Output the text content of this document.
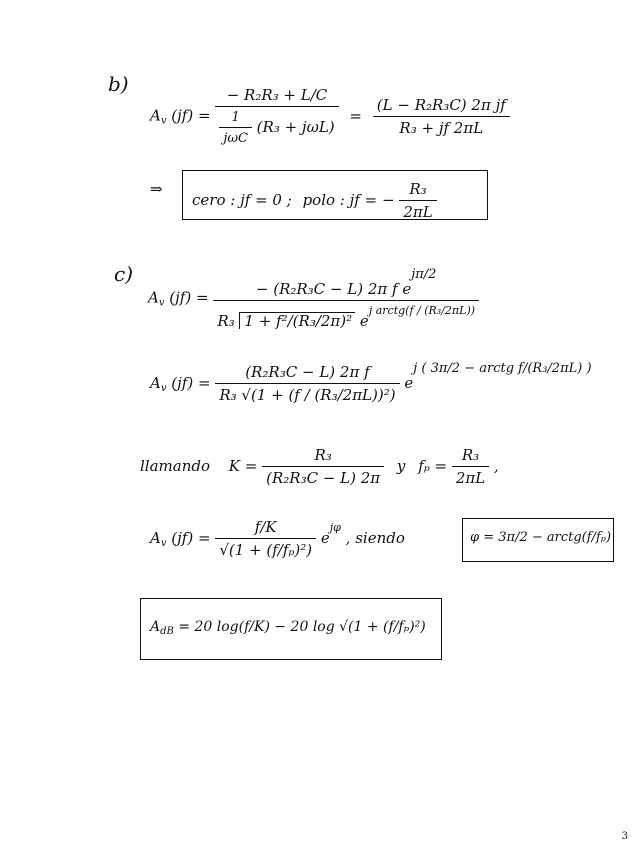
b)
$A_v$ $(jf) = \frac{\text{− R₂R₃ + L/C}}{\frac{1}{\text{jωC}} (R_3 + j\omega L)} = \frac{\text{(L − R₂R₃C) 2π jf}}{\text{R₃ + jf 2πL}}$
⇒
cero : jf = 0 ; polo : jf = − $\frac{\text{R₃}}{2\pi L}$
c)
$A_v$ $(jf) = \frac{\text{− (R₂R₃C − L) 2π f ejπ/2}}{R_3 1 + f^2/(R_3/2\pi)^2 e^{j arctg(f / (R_3/2\pi L))}}$
$A_v$ $(jf) = \frac{\text{(R₂R₃C − L) 2π f}}{\text{R₃ √(1 + (f / (R₃/2πL))²)}}$ ej ( 3π/2 − arctg f/(R₃/2πL) )
llamando $K = \frac{\text{R₃}}{\text{(R₂R₃C − L) 2π}}$ y $f_p = \frac{\text{R₃}}{2\pi L}$ ,
$A_v$ $(jf) = \frac{f/K}{\text{√(1 + (f/fₚ)²)}} e^{j\varphi}$ , siendo	φ = 3π/2 − arctg(f/fₚ)
$A_{dB} = 20$ log(f/K) − 20 log √(1 + (f/fₚ)²)
3
